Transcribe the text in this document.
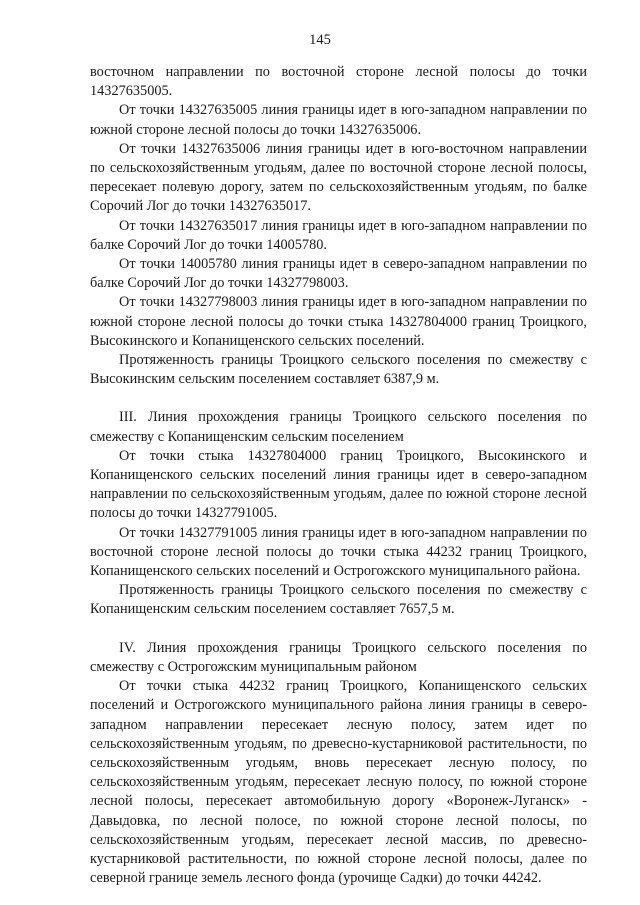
145

восточном направлении по восточной стороне лесной полосы до точки 14327635005.

От точки 14327635005 линия границы идет в юго-западном направлении по южной стороне лесной полосы до точки 14327635006.

От точки 14327635006 линия границы идет в юго-восточном направлении по сельскохозяйственным угодьям, далее по восточной стороне лесной полосы, пересекает полевую дорогу, затем по сельскохозяйственным угодьям, по балке Сорочий Лог до точки 14327635017.

От точки 14327635017 линия границы идет в юго-западном направлении по балке Сорочий Лог до точки 14005780.

От точки 14005780 линия границы идет в северо-западном направлении по балке Сорочий Лог до точки 14327798003.

От точки 14327798003 линия границы идет в юго-западном направлении по южной стороне лесной полосы до точки стыка 14327804000 границ Троицкого, Высокинского и Копанищенского сельских поселений.

Протяженность границы Троицкого сельского поселения по смежеству с Высокинским сельским поселением составляет 6387,9 м.

III. Линия прохождения границы Троицкого сельского поселения по смежеству с Копанищенским сельским поселением

От точки стыка 14327804000 границ Троицкого, Высокинского и Копанищенского сельских поселений линия границы идет в северо-западном направлении по сельскохозяйственным угодьям, далее по южной стороне лесной полосы до точки 14327791005.

От точки 14327791005 линия границы идет в юго-западном направлении по восточной стороне лесной полосы до точки стыка 44232 границ Троицкого, Копанищенского сельских поселений и Острогожского муниципального района.

Протяженность границы Троицкого сельского поселения по смежеству с Копанищенским сельским поселением составляет 7657,5 м.

IV. Линия прохождения границы Троицкого сельского поселения по смежеству с Острогожским муниципальным районом

От точки стыка 44232 границ Троицкого, Копанищенского сельских поселений и Острогожского муниципального района линия границы в северо-западном направлении пересекает лесную полосу, затем идет по сельскохозяйственным угодьям, по древесно-кустарниковой растительности, по сельскохозяйственным угодьям, вновь пересекает лесную полосу, по сельскохозяйственным угодьям, пересекает лесную полосу, по южной стороне лесной полосы, пересекает автомобильную дорогу «Воронеж-Луганск» - Давыдовка, по лесной полосе, по южной стороне лесной полосы, по сельскохозяйственным угодьям, пересекает лесной массив, по древесно-кустарниковой растительности, по южной стороне лесной полосы, далее по северной границе земель лесного фонда (урочище Садки) до точки 44242.
